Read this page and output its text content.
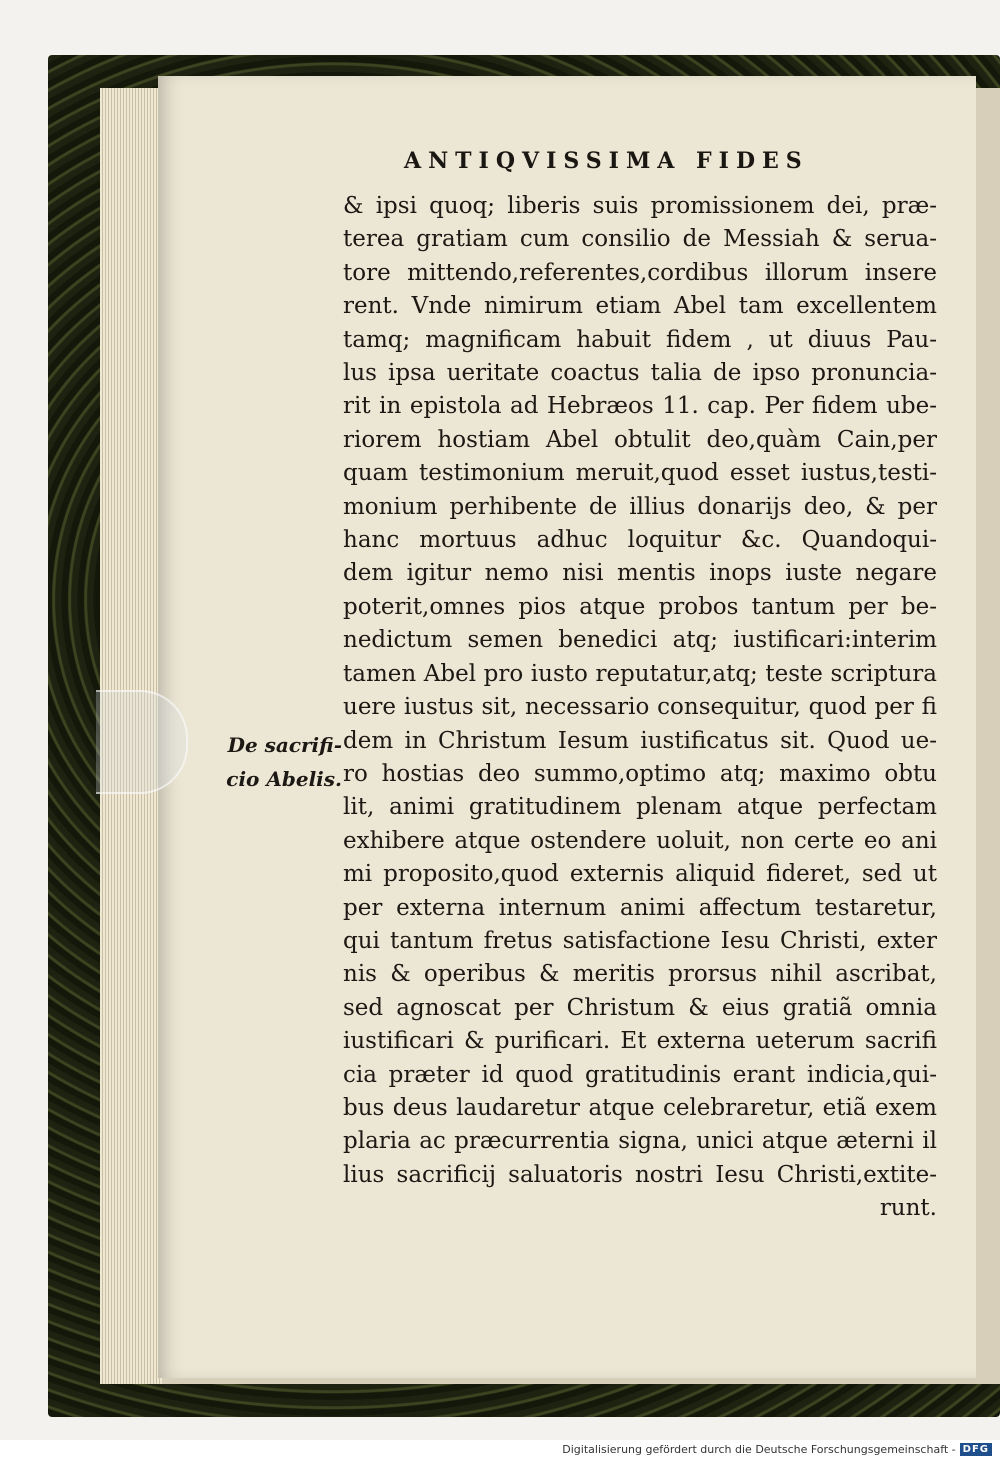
ANTIQVISSIMA FIDES
De sacrifi-
cio Abelis.
& ipsi quoq; liberis suis promissionem dei, præ-
terea gratiam cum consilio de Messiah & serua-
tore mittendo,referentes,cordibus illorum insere
rent. Vnde nimirum etiam Abel tam excellentem
tamq; magnificam habuit fidem , ut diuus Pau-
lus ipsa ueritate coactus talia de ipso pronuncia-
rit in epistola ad Hebræos 11. cap. Per fidem ube-
riorem hostiam Abel obtulit deo,quàm Cain,per
quam testimonium meruit,quod esset iustus,testi-
monium perhibente de illius donarijs deo, & per
hanc mortuus adhuc loquitur &c. Quandoqui-
dem igitur nemo nisi mentis inops iuste negare
poterit,omnes pios atque probos tantum per be-
nedictum semen benedici atq; iustificari:interim
tamen Abel pro iusto reputatur,atq; teste scriptura
uere iustus sit, necessario consequitur, quod per fi
dem in Christum Iesum iustificatus sit. Quod ue-
ro hostias deo summo,optimo atq; maximo obtu
lit, animi gratitudinem plenam atque perfectam
exhibere atque ostendere uoluit, non certe eo ani
mi proposito,quod externis aliquid fideret, sed ut
per externa internum animi affectum testaretur,
qui tantum fretus satisfactione Iesu Christi, exter
nis & operibus & meritis prorsus nihil ascribat,
sed agnoscat per Christum & eius gratiã omnia
iustificari & purificari. Et externa ueterum sacrifi
cia præter id quod gratitudinis erant indicia,qui-
bus deus laudaretur atque celebraretur, etiã exem
plaria ac præcurrentia signa, unici atque æterni il
lius sacrificij saluatoris nostri Iesu Christi,extite-
runt.
Digitalisierung gefördert durch die Deutsche Forschungsgemeinschaft - DFG
